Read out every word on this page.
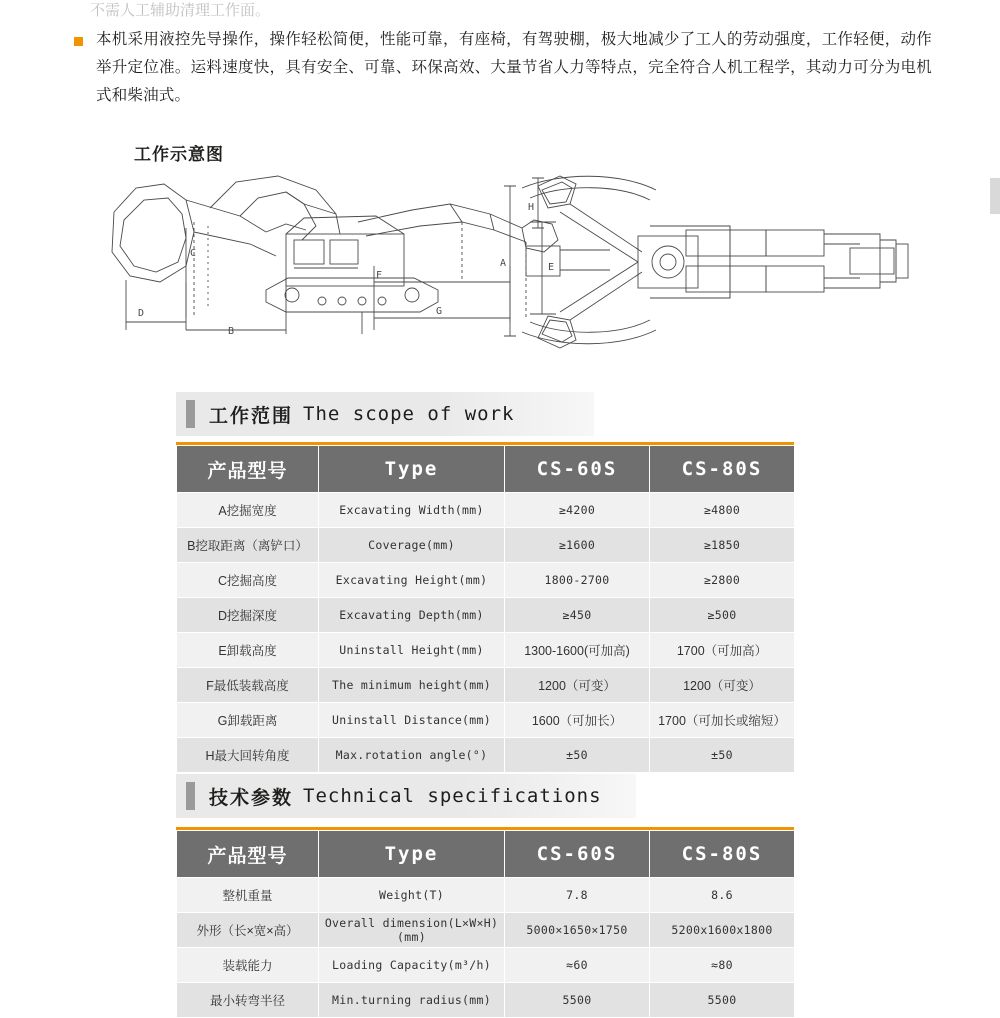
不需人工辅助清理工作面。
本机采用液控先导操作，操作轻松简便，性能可靠，有座椅，有驾驶棚，极大地减少了工人的劳动强度，工作轻便，动作举升定位准。运料速度快，具有安全、可靠、环保高效、大量节省人力等特点，完全符合人机工程学，其动力可分为电机式和柴油式。
工作示意图
C
D
B
F
G
E
A
H
工作范围 The scope of work
产品型号	Type	CS-60S	CS-80S
A挖掘宽度	Excavating Width(mm)	≥4200	≥4800
B挖取距离（离铲口）	Coverage(mm)	≥1600	≥1850
C挖掘高度	Excavating Height(mm)	1800-2700	≥2800
D挖掘深度	Excavating Depth(mm)	≥450	≥500
E卸载高度	Uninstall Height(mm)	1300-1600(可加高)	1700（可加高）
F最低装载高度	The minimum height(mm)	1200（可变）	1200（可变）
G卸载距离	Uninstall Distance(mm)	1600（可加长）	1700（可加长或缩短）
H最大回转角度	Max.rotation angle(°)	±50	±50
技术参数 Technical specifications
产品型号	Type	CS-60S	CS-80S
整机重量	Weight(T)	7.8	8.6
外形（长×宽×高）	Overall dimension(L×W×H)(mm)	5000×1650×1750	5200x1600x1800
装载能力	Loading Capacity(m³/h)	≈60	≈80
最小转弯半径	Min.turning radius(mm)	5500	5500
